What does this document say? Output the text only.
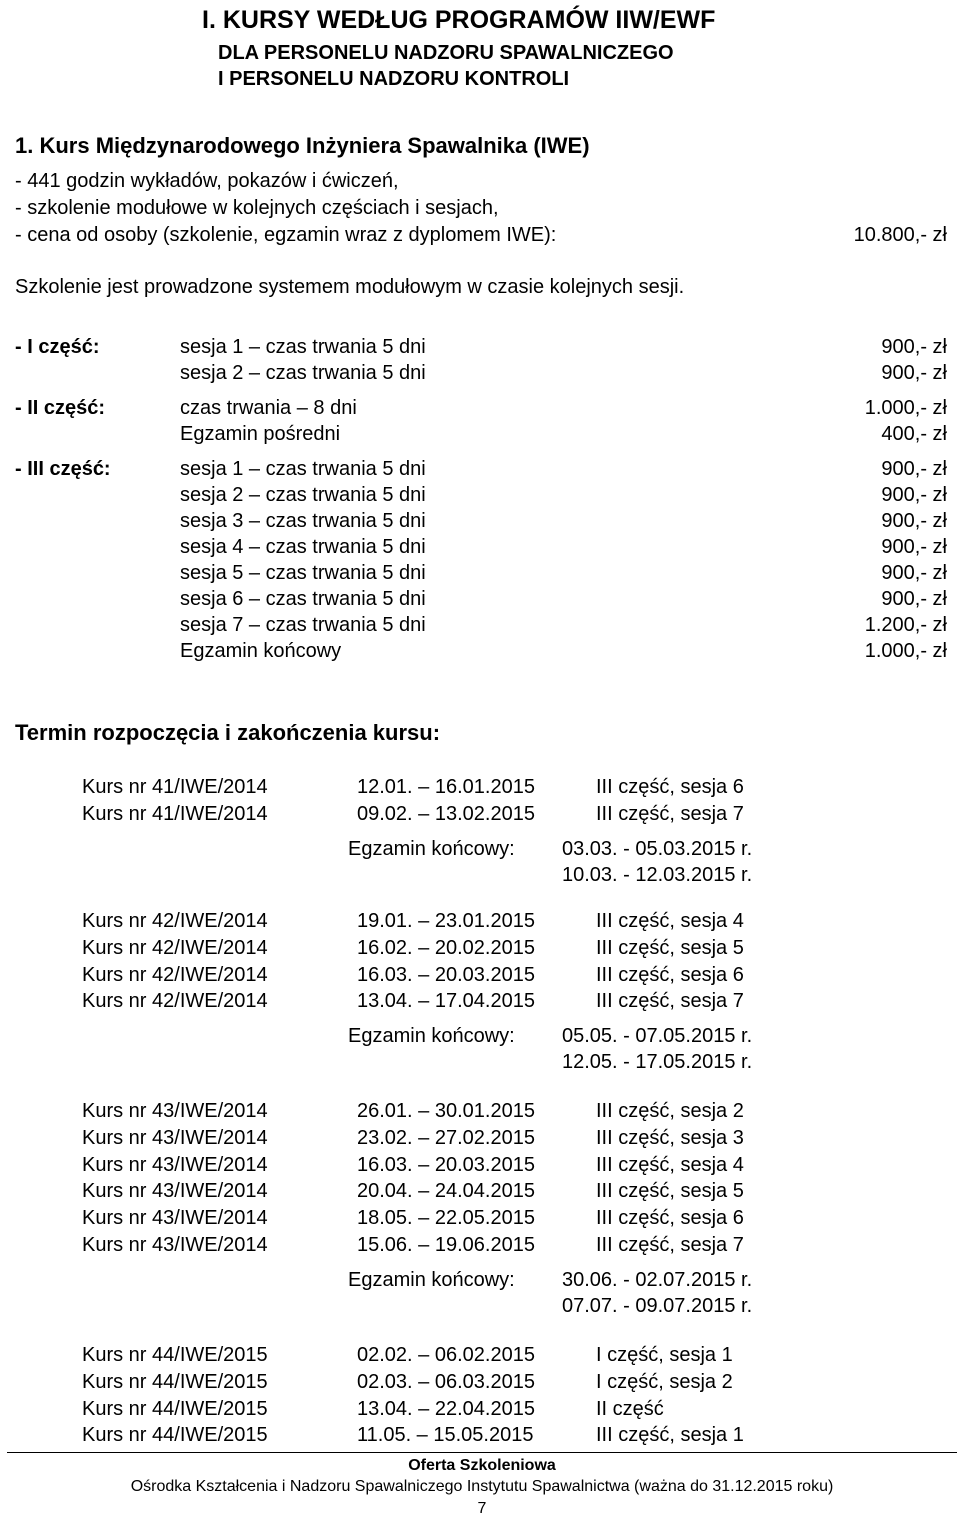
I. KURSY WEDŁUG PROGRAMÓW IIW/EWF
DLA PERSONELU NADZORU SPAWALNICZEGO
I PERSONELU NADZORU KONTROLI
1. Kurs Międzynarodowego Inżyniera Spawalnika (IWE)
- 441 godzin wykładów, pokazów i ćwiczeń,
- szkolenie modułowe w kolejnych częściach i sesjach,
- cena od osoby (szkolenie, egzamin wraz z dyplomem IWE):	10.800,- zł
Szkolenie jest prowadzone systemem modułowym w czasie kolejnych sesji.
- I część:	sesja 1 – czas trwania 5 dni	900,- zł
sesja 2 – czas trwania 5 dni	900,- zł
- II część:	czas trwania – 8 dni	1.000,- zł
Egzamin pośredni	400,- zł
- III część:	sesja 1 – czas trwania 5 dni	900,- zł
sesja 2 – czas trwania 5 dni	900,- zł
sesja 3 – czas trwania 5 dni	900,- zł
sesja 4 – czas trwania 5 dni	900,- zł
sesja 5 – czas trwania 5 dni	900,- zł
sesja 6 – czas trwania 5 dni	900,- zł
sesja 7 – czas trwania 5 dni	1.200,- zł
Egzamin końcowy	1.000,- zł
Termin rozpoczęcia i zakończenia kursu:
Kurs nr 41/IWE/2014	12.01. – 16.01.2015	III część, sesja 6
Kurs nr 41/IWE/2014	09.02. – 13.02.2015	III część, sesja 7
Egzamin końcowy: 03.03. - 05.03.2015 r.
10.03. - 12.03.2015 r.
Kurs nr 42/IWE/2014	19.01. – 23.01.2015	III część, sesja 4
Kurs nr 42/IWE/2014	16.02. – 20.02.2015	III część, sesja 5
Kurs nr 42/IWE/2014	16.03. – 20.03.2015	III część, sesja 6
Kurs nr 42/IWE/2014	13.04. – 17.04.2015	III część, sesja 7
Egzamin końcowy: 05.05. - 07.05.2015 r.
12.05. - 17.05.2015 r.
Kurs nr 43/IWE/2014	26.01. – 30.01.2015	III część, sesja 2
Kurs nr 43/IWE/2014	23.02. – 27.02.2015	III część, sesja 3
Kurs nr 43/IWE/2014	16.03. – 20.03.2015	III część, sesja 4
Kurs nr 43/IWE/2014	20.04. – 24.04.2015	III część, sesja 5
Kurs nr 43/IWE/2014	18.05. – 22.05.2015	III część, sesja 6
Kurs nr 43/IWE/2014	15.06. – 19.06.2015	III część, sesja 7
Egzamin końcowy: 30.06. - 02.07.2015 r.
07.07. - 09.07.2015 r.
Kurs nr 44/IWE/2015	02.02. – 06.02.2015	I część, sesja 1
Kurs nr 44/IWE/2015	02.03. – 06.03.2015	I część, sesja 2
Kurs nr 44/IWE/2015	13.04. – 22.04.2015	II część
Kurs nr 44/IWE/2015	11.05. – 15.05.2015	III część, sesja 1
Oferta Szkoleniowa
Ośrodka Kształcenia i Nadzoru Spawalniczego Instytutu Spawalnictwa (ważna do 31.12.2015 roku)
7
